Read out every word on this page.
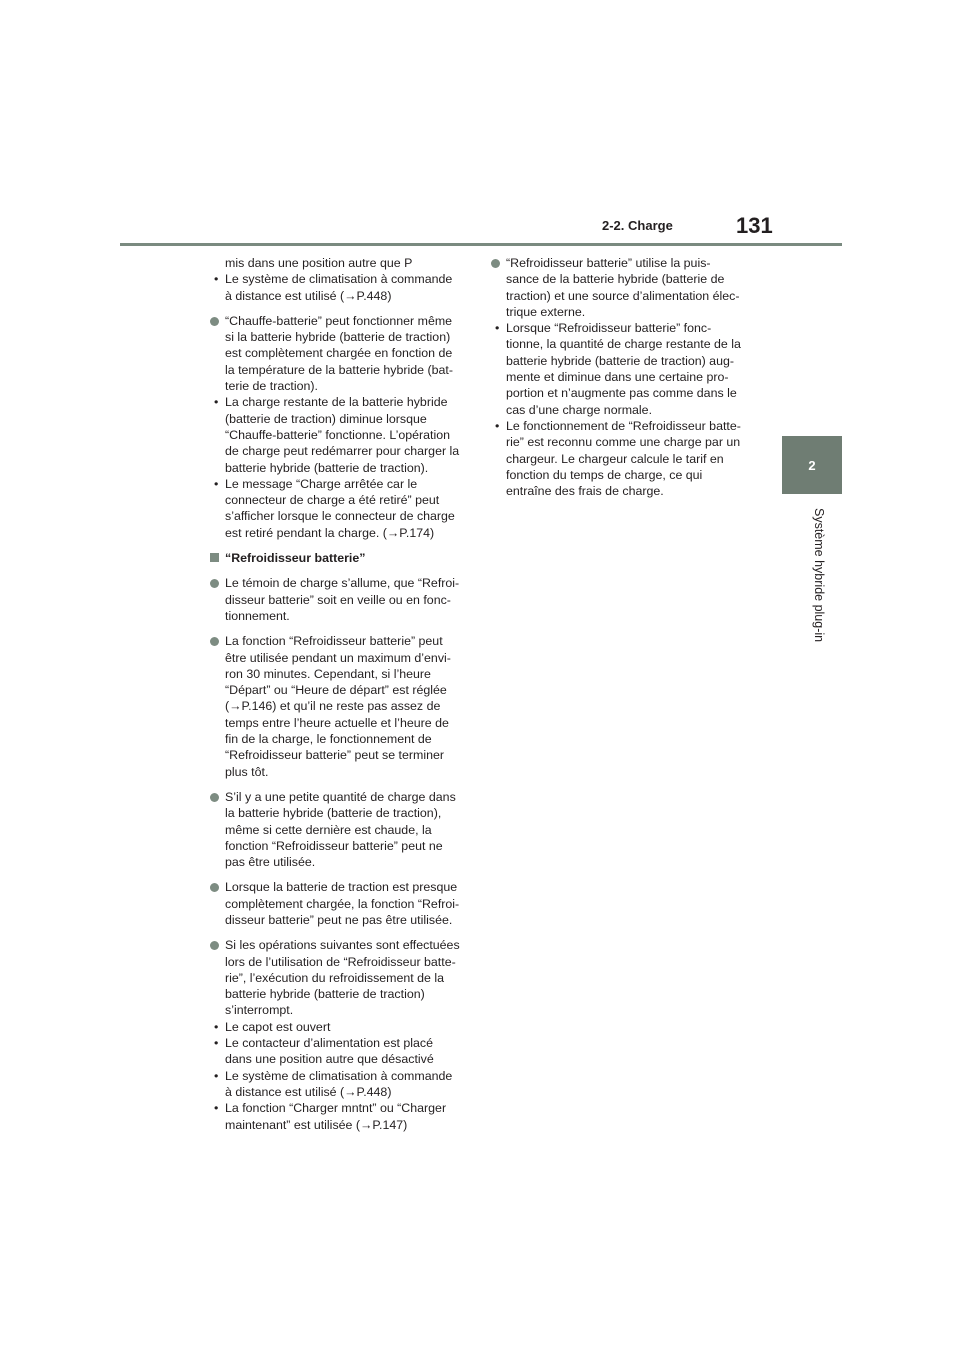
2-2. Charge	131
2
Système hybride plug-in
mis dans une position autre que P
• Le système de climatisation à commande
à distance est utilisé (→P.448)
“Chauffe-batterie” peut fonctionner même
si la batterie hybride (batterie de traction)
est complètement chargée en fonction de
la température de la batterie hybride (bat-
terie de traction).
• La charge restante de la batterie hybride
(batterie de traction) diminue lorsque
“Chauffe-batterie” fonctionne. L’opération
de charge peut redémarrer pour charger la
batterie hybride (batterie de traction).
• Le message “Charge arrêtée car le
connecteur de charge a été retiré” peut
s’afficher lorsque le connecteur de charge
est retiré pendant la charge. (→P.174)
“Refroidisseur batterie”
Le témoin de charge s’allume, que “Refroi-
disseur batterie” soit en veille ou en fonc-
tionnement.
La fonction “Refroidisseur batterie” peut
être utilisée pendant un maximum d’envi-
ron 30 minutes. Cependant, si l’heure
“Départ” ou “Heure de départ” est réglée
(→P.146) et qu’il ne reste pas assez de
temps entre l’heure actuelle et l’heure de
fin de la charge, le fonctionnement de
“Refroidisseur batterie” peut se terminer
plus tôt.
S’il y a une petite quantité de charge dans
la batterie hybride (batterie de traction),
même si cette dernière est chaude, la
fonction “Refroidisseur batterie” peut ne
pas être utilisée.
Lorsque la batterie de traction est presque
complètement chargée, la fonction “Refroi-
disseur batterie” peut ne pas être utilisée.
Si les opérations suivantes sont effectuées
lors de l’utilisation de “Refroidisseur batte-
rie”, l’exécution du refroidissement de la
batterie hybride (batterie de traction)
s’interrompt.
• Le capot est ouvert
• Le contacteur d’alimentation est placé
dans une position autre que désactivé
• Le système de climatisation à commande
à distance est utilisé (→P.448)
• La fonction “Charger mntnt” ou “Charger
maintenant” est utilisée (→P.147)
“Refroidisseur batterie” utilise la puis-
sance de la batterie hybride (batterie de
traction) et une source d’alimentation élec-
trique externe.
• Lorsque “Refroidisseur batterie” fonc-
tionne, la quantité de charge restante de la
batterie hybride (batterie de traction) aug-
mente et diminue dans une certaine pro-
portion et n’augmente pas comme dans le
cas d’une charge normale.
• Le fonctionnement de “Refroidisseur batte-
rie” est reconnu comme une charge par un
chargeur. Le chargeur calcule le tarif en
fonction du temps de charge, ce qui
entraîne des frais de charge.
